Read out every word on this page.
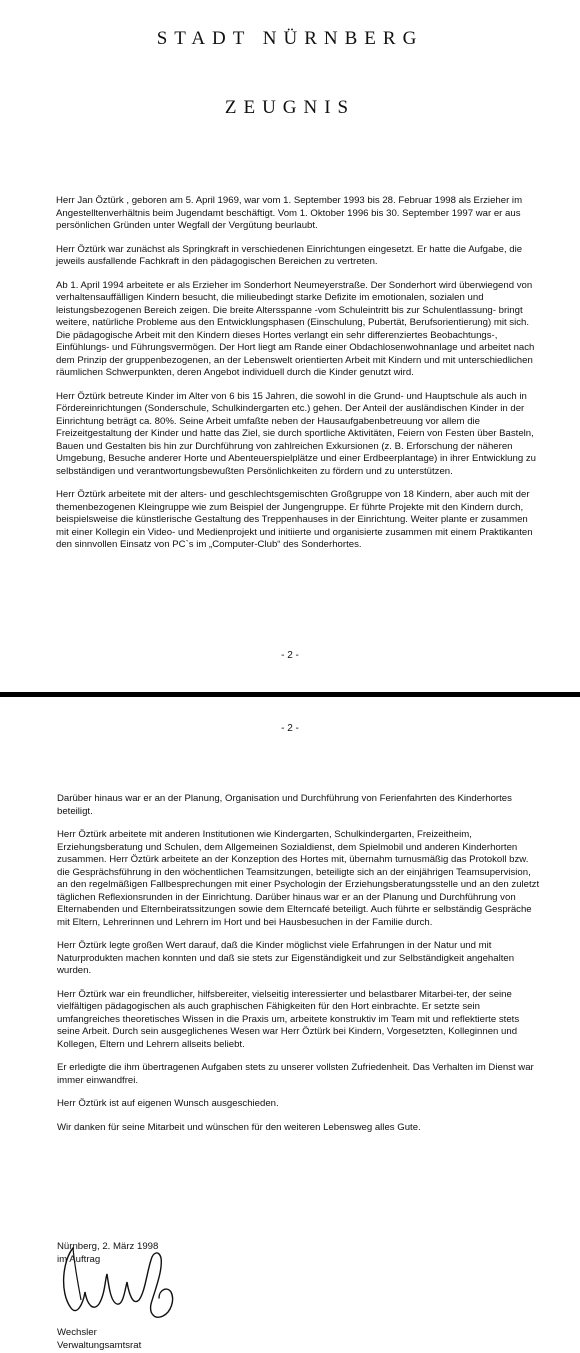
STADT NÜRNBERG
ZEUGNIS

Herr Jan Öztürk , geboren am 5. April 1969, war vom 1. September 1993 bis 28. Februar 1998 als Erzieher im Angestelltenverhältnis beim Jugendamt beschäftigt. Vom 1. Oktober 1996 bis 30. September 1997 war er aus persönlichen Gründen unter Wegfall der Vergütung beurlaubt.

Herr Öztürk war zunächst als Springkraft in verschiedenen Einrichtungen eingesetzt. Er hatte die Aufgabe, die jeweils ausfallende Fachkraft in den pädagogischen Bereichen zu vertreten.

Ab 1. April 1994 arbeitete er als Erzieher im Sonderhort Neumeyerstraße. Der Sonderhort wird überwiegend von verhaltensauffälligen Kindern besucht, die milieubedingt starke Defizite im emotionalen, sozialen und leistungsbezogenen Bereich zeigen. Die breite Altersspanne -vom Schuleintritt bis zur Schulentlassung- bringt weitere, natürliche Probleme aus den Entwicklungsphasen (Einschulung, Pubertät, Berufsorientierung) mit sich. Die pädagogische Arbeit mit den Kindern dieses Hortes verlangt ein sehr differenziertes Beobachtungs-, Einfühlungs- und Führungsvermögen. Der Hort liegt am Rande einer Obdachlosenwohnanlage und arbeitet nach dem Prinzip der gruppenbezogenen, an der Lebenswelt orientierten Arbeit mit Kindern und mit unterschiedlichen räumlichen Schwerpunkten, deren Angebot individuell durch die Kinder genutzt wird.

Herr Öztürk betreute Kinder im Alter von 6 bis 15 Jahren, die sowohl in die Grund- und Hauptschule als auch in Fördereinrichtungen (Sonderschule, Schulkindergarten etc.) gehen. Der Anteil der ausländischen Kinder in der Einrichtung beträgt ca. 80%. Seine Arbeit umfaßte neben der Hausaufgabenbetreuung vor allem die Freizeitgestaltung der Kinder und hatte das Ziel, sie durch sportliche Aktivitäten, Feiern von Festen über Basteln, Bauen und Gestalten bis hin zur Durchführung von zahlreichen Exkursionen (z. B. Erforschung der näheren Umgebung, Besuche anderer Horte und Abenteuerspielplätze und einer Erdbeerplantage) in ihrer Entwicklung zu selbständigen und verantwortungsbewußten Persönlichkeiten zu fördern und zu unterstützen.

Herr Öztürk arbeitete mit der alters- und geschlechtsgemischten Großgruppe von 18 Kindern, aber auch mit der themenbezogenen Kleingruppe wie zum Beispiel der Jungengruppe. Er führte Projekte mit den Kindern durch, beispielsweise die künstlerische Gestaltung des Treppenhauses in der Einrichtung. Weiter plante er zusammen mit einer Kollegin ein Video- und Medienprojekt und initiierte und organisierte zusammen mit einem Praktikanten den sinnvollen Einsatz von PC`s im „Computer-Club“ des Sonderhortes.

- 2 -
- 2 -

Darüber hinaus war er an der Planung, Organisation und Durchführung von Ferienfahrten des Kinderhortes beteiligt.

Herr Öztürk arbeitete mit anderen Institutionen wie Kindergarten, Schulkindergarten, Freizeitheim, Erziehungsberatung und Schulen, dem Allgemeinen Sozialdienst, dem Spielmobil und anderen Kinderhorten zusammen. Herr Öztürk arbeitete an der Konzeption des Hortes mit, übernahm turnusmäßig das Protokoll bzw. die Gesprächsführung in den wöchentlichen Teamsitzungen, beteiligte sich an der einjährigen Teamsupervision, an den regelmäßigen Fallbesprechungen mit einer Psychologin der Erziehungsberatungsstelle und an den zuletzt täglichen Reflexionsrunden in der Einrichtung. Darüber hinaus war er an der Planung und Durchführung von Elternabenden und Elternbeiratssitzungen sowie dem Elterncafé beteiligt. Auch führte er selbständig Gespräche mit Eltern, Lehrerinnen und Lehrern im Hort und bei Hausbesuchen in der Familie durch.

Herr Öztürk legte großen Wert darauf, daß die Kinder möglichst viele Erfahrungen in der Natur und mit Naturprodukten machen konnten und daß sie stets zur Eigenständigkeit und zur Selbständigkeit angehalten wurden.

Herr Öztürk war ein freundlicher, hilfsbereiter, vielseitig interessierter und belastbarer Mitarbei-ter, der seine vielfältigen pädagogischen als auch graphischen Fähigkeiten für den Hort einbrachte. Er setzte sein umfangreiches theoretisches Wissen in die Praxis um, arbeitete konstruktiv im Team mit und reflektierte stets seine Arbeit. Durch sein ausgeglichenes Wesen war Herr Öztürk bei Kindern, Vorgesetzten, Kolleginnen und Kollegen, Eltern und Lehrern allseits beliebt.

Er erledigte die ihm übertragenen Aufgaben stets zu unserer vollsten Zufriedenheit. Das Verhalten im Dienst war immer einwandfrei.

Herr Öztürk ist auf eigenen Wunsch ausgeschieden.

Wir danken für seine Mitarbeit und wünschen für den weiteren Lebensweg alles Gute.

Nürnberg, 2. März 1998
im Auftrag
Wechsler
Verwaltungsamtsrat
